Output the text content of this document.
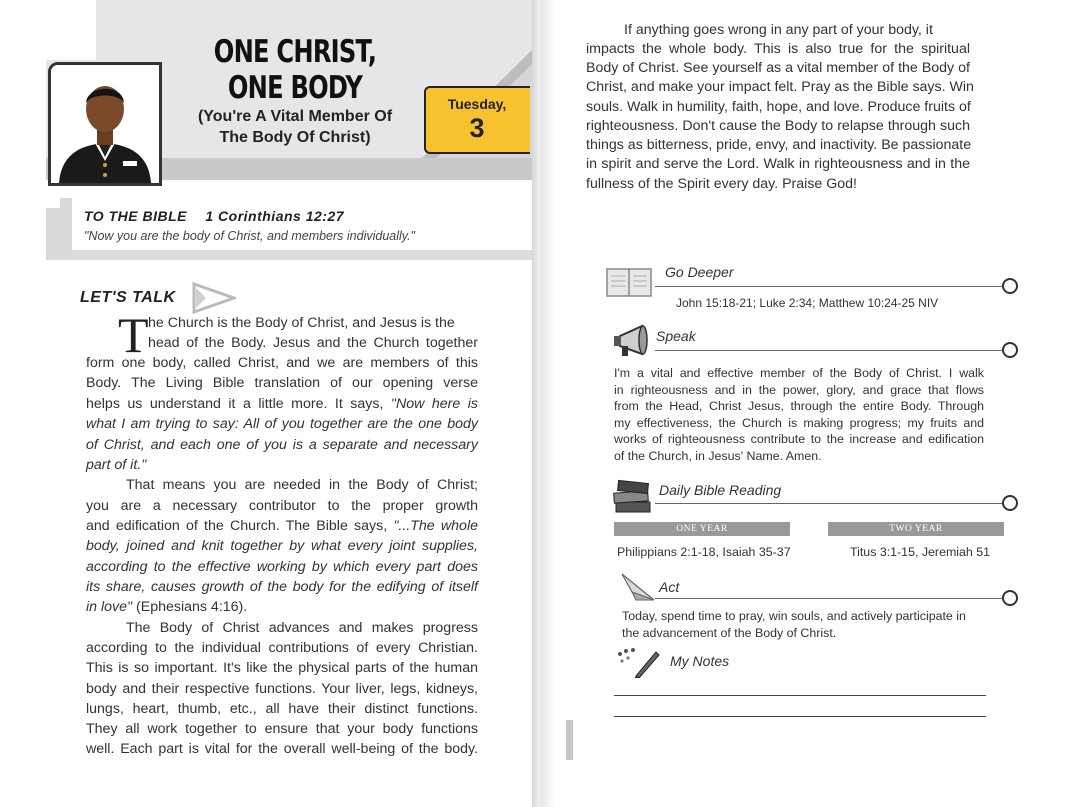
ONE CHRIST,
ONE BODY
(You're A Vital Member Of
The Body Of Christ)
Tuesday,
3
TO THE BIBLE 1 Corinthians 12:27
"Now you are the body of Christ, and members individually."
LET'S TALK
T he Church is the Body of Christ, and Jesus is the
head of the Body. Jesus and the Church together
form one body, called Christ, and we are members of this
Body. The Living Bible translation of our opening verse
helps us understand it a little more. It says, "Now here is
what I am trying to say: All of you together are the one body
of Christ, and each one of you is a separate and necessary
part of it."
That means you are needed in the Body of Christ;
you are a necessary contributor to the proper growth
and edification of the Church. The Bible says, "...The whole
body, joined and knit together by what every joint supplies,
according to the effective working by which every part does
its share, causes growth of the body for the edifying of itself
in love" (Ephesians 4:16).
The Body of Christ advances and makes progress
according to the individual contributions of every Christian.
This is so important. It's like the physical parts of the human
body and their respective functions. Your liver, legs, kidneys,
lungs, heart, thumb, etc., all have their distinct functions.
They all work together to ensure that your body functions
well. Each part is vital for the overall well-being of the body.
If anything goes wrong in any part of your body, it
impacts the whole body. This is also true for the spiritual
Body of Christ. See yourself as a vital member of the Body of
Christ, and make your impact felt. Pray as the Bible says. Win
souls. Walk in humility, faith, hope, and love. Produce fruits of
righteousness. Don't cause the Body to relapse through such
things as bitterness, pride, envy, and inactivity. Be passionate
in spirit and serve the Lord. Walk in righteousness and in the
fullness of the Spirit every day. Praise God!
Go Deeper
John 15:18-21; Luke 2:34; Matthew 10:24-25 NIV
Speak
I'm a vital and effective member of the Body of Christ. I walk
in righteousness and in the power, glory, and grace that flows
from the Head, Christ Jesus, through the entire Body. Through
my effectiveness, the Church is making progress; my fruits and
works of righteousness contribute to the increase and edification
of the Church, in Jesus' Name. Amen.
Daily Bible Reading
ONE YEAR	TWO YEAR
Philippians 2:1-18, Isaiah 35-37	Titus 3:1-15, Jeremiah 51
Act
Today, spend time to pray, win souls, and actively participate in
the advancement of the Body of Christ.
My Notes
